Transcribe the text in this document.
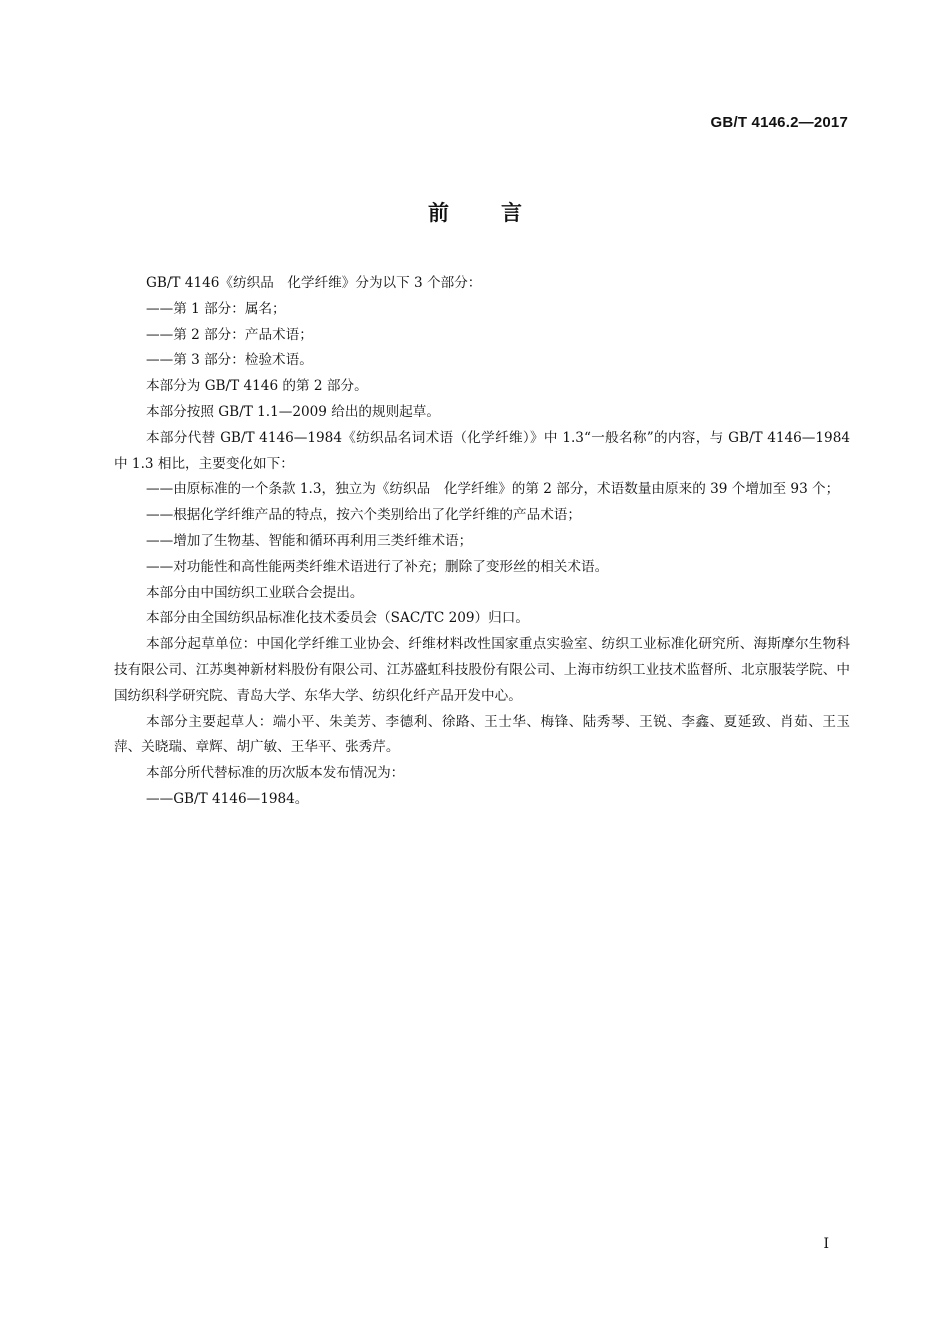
GB/T 4146.2—2017
前言

GB/T 4146《纺织品　化学纤维》分为以下 3 个部分：

——第 1 部分：属名；

——第 2 部分：产品术语；

——第 3 部分：检验术语。

本部分为 GB/T 4146 的第 2 部分。

本部分按照 GB/T 1.1—2009 给出的规则起草。

本部分代替 GB/T 4146—1984《纺织品名词术语（化学纤维）》中 1.3“一般名称”的内容，与 GB/T 4146—1984 中 1.3 相比，主要变化如下：

——由原标准的一个条款 1.3，独立为《纺织品　化学纤维》的第 2 部分，术语数量由原来的 39 个增加至 93 个；

——根据化学纤维产品的特点，按六个类别给出了化学纤维的产品术语；

——增加了生物基、智能和循环再利用三类纤维术语；

——对功能性和高性能两类纤维术语进行了补充；删除了变形丝的相关术语。

本部分由中国纺织工业联合会提出。

本部分由全国纺织品标准化技术委员会（SAC/TC 209）归口。

本部分起草单位：中国化学纤维工业协会、纤维材料改性国家重点实验室、纺织工业标准化研究所、海斯摩尔生物科技有限公司、江苏奥神新材料股份有限公司、江苏盛虹科技股份有限公司、上海市纺织工业技术监督所、北京服装学院、中国纺织科学研究院、青岛大学、东华大学、纺织化纤产品开发中心。

本部分主要起草人：端小平、朱美芳、李德利、徐路、王士华、梅锋、陆秀琴、王锐、李鑫、夏延致、肖茹、王玉萍、关晓瑞、章辉、胡广敏、王华平、张秀芹。

本部分所代替标准的历次版本发布情况为：

——GB/T 4146—1984。

I
